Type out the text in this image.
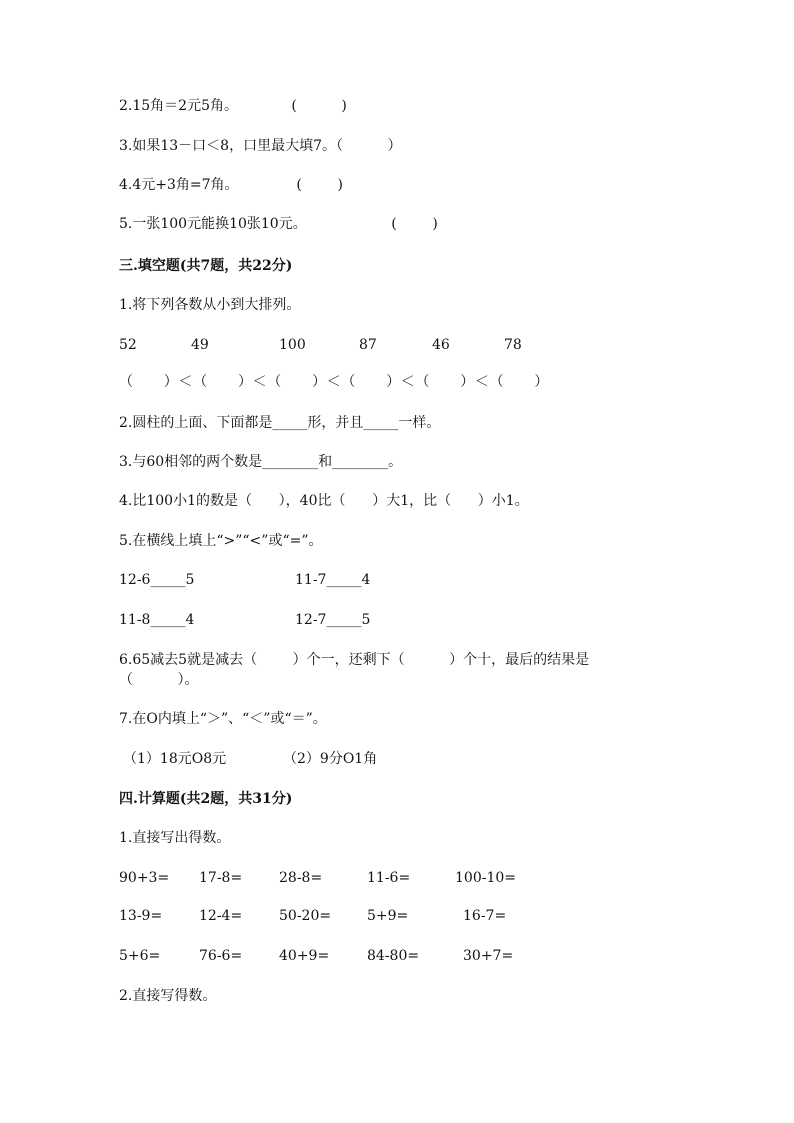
2.15角＝2元5角。            (          )
3.如果13－口＜8，口里最大填7。（          ）
4.4元+3角=7角。             (        )
5.一张100元能换10张10元。                   (        )
三.填空题(共7题，共22分)
1.将下列各数从小到大排列。

52

	49

	100

	87

	46

	78

（      ）＜（      ）＜（      ）＜（      ）＜（      ）＜（      ）
2.圆柱的上面、下面都是_____形，并且_____一样。
3.与60相邻的两个数是________和________。
4.比100小1的数是（      ），40比（      ）大1，比（      ）小1。
5.在横线上填上“>”“<”或“=”。

12-6_____5

	11-7_____4

11-8_____4

	12-7_____5

6.65减去5就是减去（        ）个一，还剩下（          ）个十，最后的结果是
（          ）。
7.在O内填上“＞”、“＜”或“＝”。

（1）18元O8元

	（2）9分O1角

四.计算题(共2题，共31分)
1.直接写出得数。

90+3=

17-8=

	28-8=

	11-6=

	100-10=

13-9=

	12-4=

	50-20=

	5+9=

	16-7=

5+6=

	76-6=

	40+9=

	84-80=

	30+7=

2.直接写得数。
